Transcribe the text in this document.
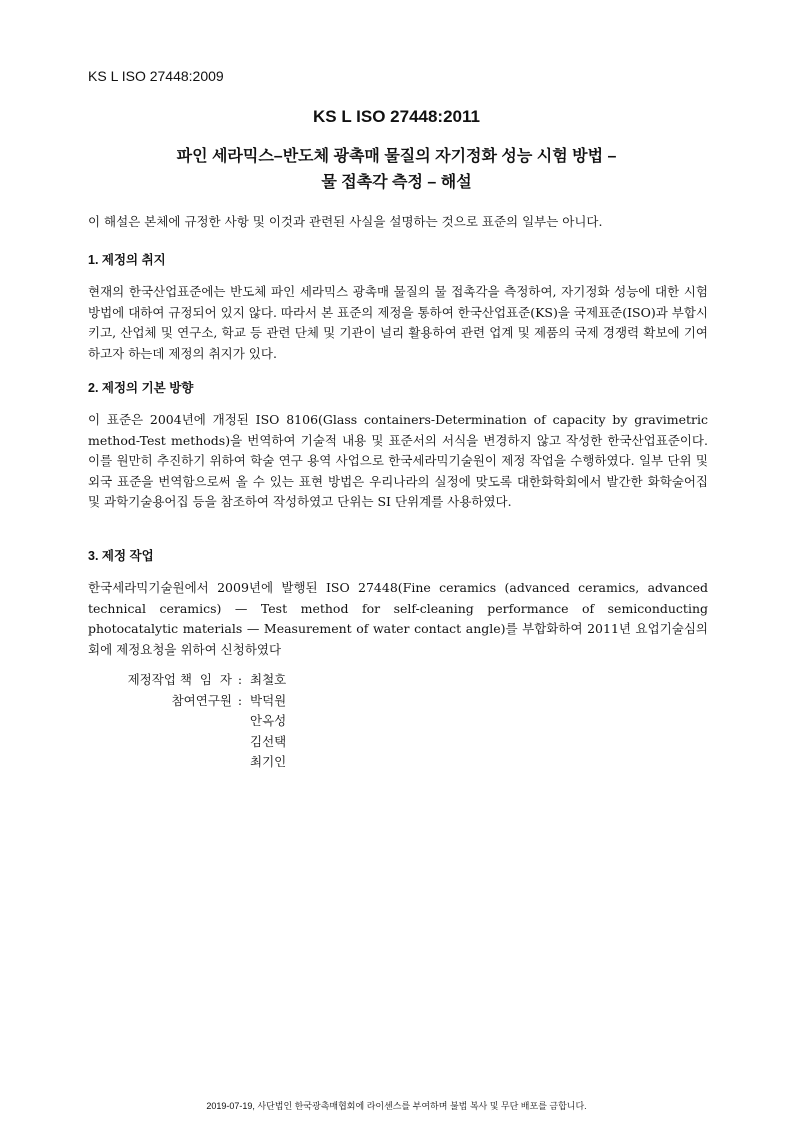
KS L ISO 27448:2009
KS L ISO 27448:2011
파인 세라믹스–반도체 광촉매 물질의 자기정화 성능 시험 방법 –
물 접촉각 측정 – 해설
이 해설은 본체에 규정한 사항 및 이것과 관련된 사실을 설명하는 것으로 표준의 일부는 아니다.
1. 제정의 취지
현재의 한국산업표준에는 반도체 파인 세라믹스 광촉매 물질의 물 접촉각을 측정하여, 자기정화 성능에 대한 시험 방법에 대하여 규정되어 있지 않다. 따라서 본 표준의 제정을 통하여 한국산업표준(KS)을 국제표준(ISO)과 부합시키고, 산업체 및 연구소, 학교 등 관련 단체 및 기관이 널리 활용하여 관련 업계 및 제품의 국제 경쟁력 확보에 기여하고자 하는데 제정의 취지가 있다.
2. 제정의 기본 방향
이 표준은 2004년에 개정된 ISO 8106(Glass containers-Determination of capacity by gravimetric method-Test methods)을 번역하여 기술적 내용 및 표준서의 서식을 변경하지 않고 작성한 한국산업표준이다. 이를 원만히 추진하기 위하여 학술 연구 용역 사업으로 한국세라믹기술원이 제정 작업을 수행하였다. 일부 단위 및 외국 표준을 번역함으로써 올 수 있는 표현 방법은 우리나라의 실정에 맞도록 대한화학회에서 발간한 화학술어집 및 과학기술용어집 등을 참조하여 작성하였고 단위는 SI 단위계를 사용하였다.
3. 제정 작업
한국세라믹기술원에서 2009년에 발행된 ISO 27448(Fine ceramics (advanced ceramics, advanced technical ceramics) — Test method for self-cleaning performance of semiconducting photocatalytic materials — Measurement of water contact angle)를 부합화하여 2011년 요업기술심의회에 제정요청을 위하여 신청하였다
제정작업 책  임  자 : 최철호
참여연구원 : 박덕원
안옥성
김선택
최기인
2019-07-19, 사단법인 한국광촉매협회에 라이센스를 부여하며 불법 복사 및 무단 배포를 금합니다.
